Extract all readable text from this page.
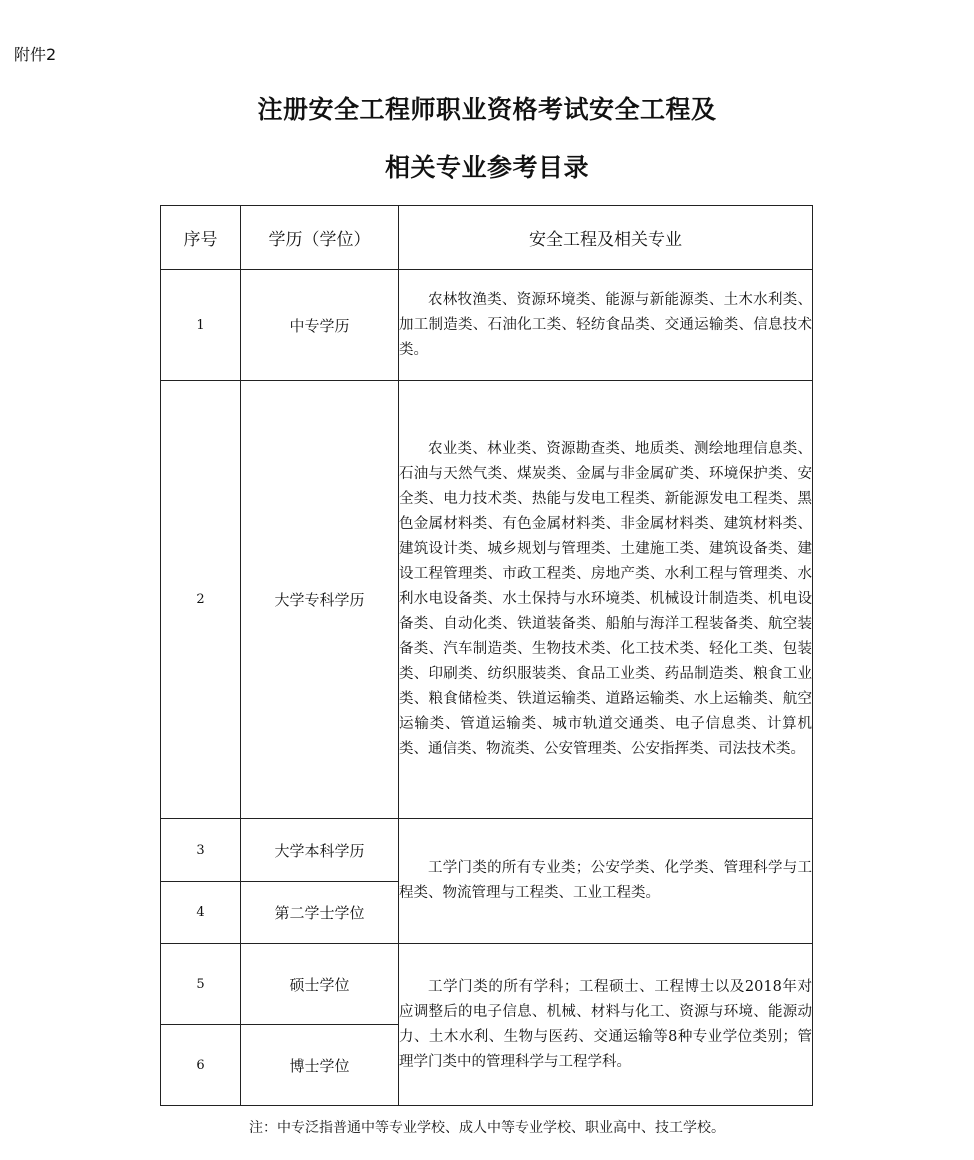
附件2
注册安全工程师职业资格考试安全工程及
相关专业参考目录
序号	学历（学位）	安全工程及相关专业
1	中专学历	农林牧渔类、资源环境类、能源与新能源类、土木水利类、加工制造类、石油化工类、轻纺食品类、交通运输类、信息技术类。
2	大学专科学历	农业类、林业类、资源勘查类、地质类、测绘地理信息类、石油与天然气类、煤炭类、金属与非金属矿类、环境保护类、安全类、电力技术类、热能与发电工程类、新能源发电工程类、黑色金属材料类、有色金属材料类、非金属材料类、建筑材料类、建筑设计类、城乡规划与管理类、土建施工类、建筑设备类、建设工程管理类、市政工程类、房地产类、水利工程与管理类、水利水电设备类、水土保持与水环境类、机械设计制造类、机电设备类、自动化类、铁道装备类、船舶与海洋工程装备类、航空装备类、汽车制造类、生物技术类、化工技术类、轻化工类、包装类、印刷类、纺织服装类、食品工业类、药品制造类、粮食工业类、粮食储检类、铁道运输类、道路运输类、水上运输类、航空运输类、管道运输类、城市轨道交通类、电子信息类、计算机类、通信类、物流类、公安管理类、公安指挥类、司法技术类。
3	大学本科学历	工学门类的所有专业类；公安学类、化学类、管理科学与工程类、物流管理与工程类、工业工程类。
4	第二学士学位	
5	硕士学位	工学门类的所有学科；工程硕士、工程博士以及2018年对应调整后的电子信息、机械、材料与化工、资源与环境、能源动力、土木水利、生物与医药、交通运输等8种专业学位类别；管理学门类中的管理科学与工程学科。
6	博士学位	
注：中专泛指普通中等专业学校、成人中等专业学校、职业高中、技工学校。
